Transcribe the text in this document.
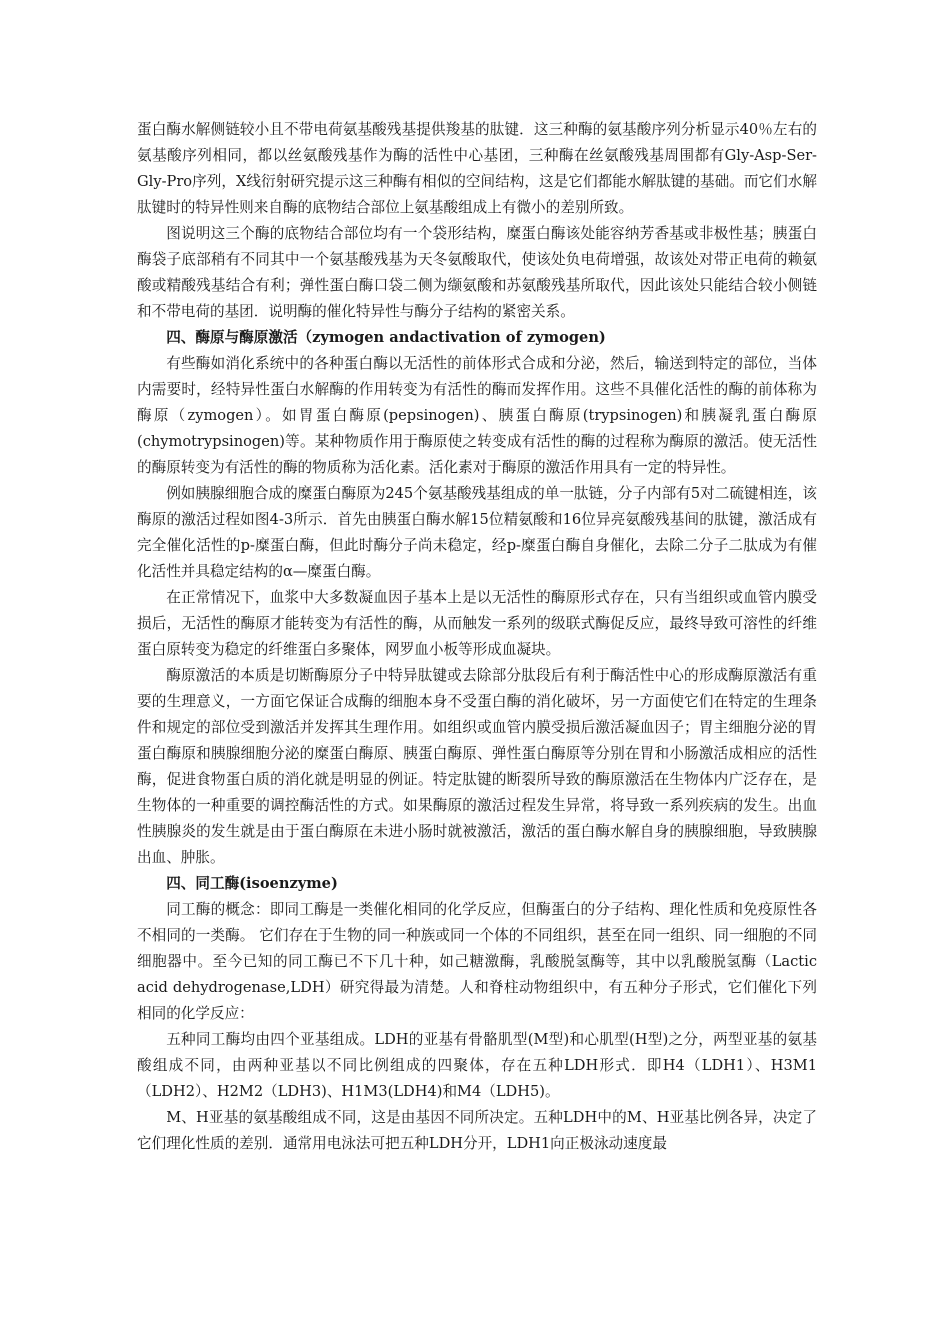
蛋白酶水解侧链较小且不带电荷氨基酸残基提供羧基的肽键．这三种酶的氨基酸序列分析显示40％左右的氨基酸序列相同，都以丝氨酸残基作为酶的活性中心基团，三种酶在丝氨酸残基周围都有Gly-Asp-Ser-Gly-Pro序列，X线衍射研究提示这三种酶有相似的空间结构，这是它们都能水解肽键的基础。而它们水解肽键时的特异性则来自酶的底物结合部位上氨基酸组成上有微小的差别所致。

图说明这三个酶的底物结合部位均有一个袋形结构，糜蛋白酶该处能容纳芳香基或非极性基；胰蛋白酶袋子底部稍有不同其中一个氨基酸残基为天冬氨酸取代，使该处负电荷增强，故该处对带正电荷的赖氨酸或精酸残基结合有利；弹性蛋白酶口袋二侧为缬氨酸和苏氨酸残基所取代，因此该处只能结合较小侧链和不带电荷的基团．说明酶的催化特异性与酶分子结构的紧密关系。

四、酶原与酶原激活（zymogen andactivation of zymogen)

有些酶如消化系统中的各种蛋白酶以无活性的前体形式合成和分泌，然后，输送到特定的部位，当体内需要时，经特异性蛋白水解酶的作用转变为有活性的酶而发挥作用。这些不具催化活性的酶的前体称为酶原（zymogen）。如胃蛋白酶原(pepsinogen)、胰蛋白酶原(trypsinogen)和胰凝乳蛋白酶原(chymotrypsinogen)等。某种物质作用于酶原使之转变成有活性的酶的过程称为酶原的激活。使无活性的酶原转变为有活性的酶的物质称为活化素。活化素对于酶原的激活作用具有一定的特异性。

例如胰腺细胞合成的糜蛋白酶原为245个氨基酸残基组成的单一肽链，分子内部有5对二硫键相连，该酶原的激活过程如图4-3所示．首先由胰蛋白酶水解15位精氨酸和16位异亮氨酸残基间的肽键，激活成有完全催化活性的p-糜蛋白酶，但此时酶分子尚未稳定，经p-糜蛋白酶自身催化，去除二分子二肽成为有催化活性并具稳定结构的α—糜蛋白酶。

在正常情况下，血浆中大多数凝血因子基本上是以无活性的酶原形式存在，只有当组织或血管内膜受损后，无活性的酶原才能转变为有活性的酶，从而触发一系列的级联式酶促反应，最终导致可溶性的纤维蛋白原转变为稳定的纤维蛋白多聚体，网罗血小板等形成血凝块。

酶原激活的本质是切断酶原分子中特异肽键或去除部分肽段后有利于酶活性中心的形成酶原激活有重要的生理意义，一方面它保证合成酶的细胞本身不受蛋白酶的消化破坏，另一方面使它们在特定的生理条件和规定的部位受到激活并发挥其生理作用。如组织或血管内膜受损后激活凝血因子；胃主细胞分泌的胃蛋白酶原和胰腺细胞分泌的糜蛋白酶原、胰蛋白酶原、弹性蛋白酶原等分别在胃和小肠激活成相应的活性酶，促进食物蛋白质的消化就是明显的例证。特定肽键的断裂所导致的酶原激活在生物体内广泛存在，是生物体的一种重要的调控酶活性的方式。如果酶原的激活过程发生异常，将导致一系列疾病的发生。出血性胰腺炎的发生就是由于蛋白酶原在未进小肠时就被激活，激活的蛋白酶水解自身的胰腺细胞，导致胰腺出血、肿胀。

四、同工酶(isoenzyme)

同工酶的概念：即同工酶是一类催化相同的化学反应，但酶蛋白的分子结构、理化性质和免疫原性各不相同的一类酶。 它们存在于生物的同一种族或同一个体的不同组织，甚至在同一组织、同一细胞的不同细胞器中。至今已知的同工酶已不下几十种，如己糖激酶，乳酸脱氢酶等，其中以乳酸脱氢酶（Lactic acid dehydrogenase,LDH）研究得最为清楚。人和脊柱动物组织中，有五种分子形式，它们催化下列相同的化学反应：

五种同工酶均由四个亚基组成。LDH的亚基有骨骼肌型(M型)和心肌型(H型)之分，两型亚基的氨基酸组成不同，由两种亚基以不同比例组成的四聚体，存在五种LDH形式．即H4（LDH1）、H3M1（LDH2）、H2M2（LDH3)、H1M3(LDH4)和M4（LDH5)。

M、H亚基的氨基酸组成不同，这是由基因不同所决定。五种LDH中的M、H亚基比例各异，决定了它们理化性质的差别．通常用电泳法可把五种LDH分开，LDH1向正极泳动速度最
